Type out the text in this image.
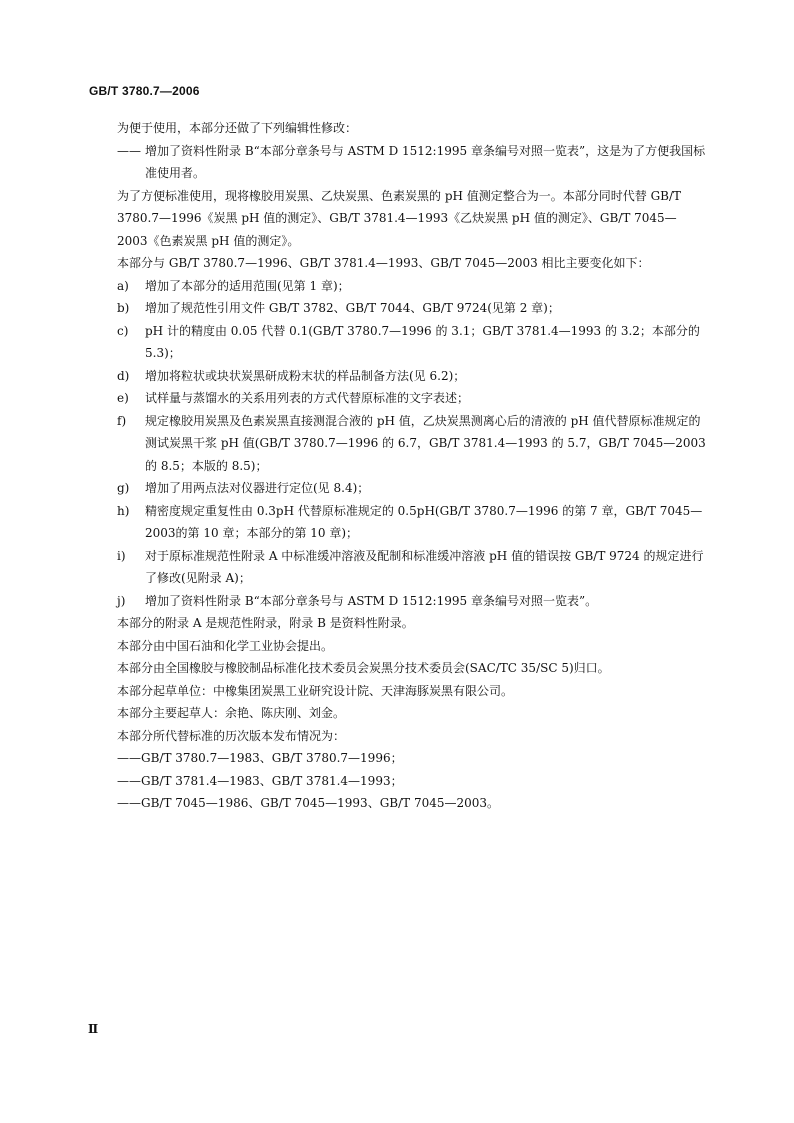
GB/T 3780.7—2006

为便于使用，本部分还做了下列编辑性修改：

—— 增加了资料性附录 B“本部分章条号与 ASTM D 1512:1995 章条编号对照一览表”，这是为了方便我国标准使用者。

为了方便标准使用，现将橡胶用炭黑、乙炔炭黑、色素炭黑的 pH 值测定整合为一。本部分同时代替 GB/T 3780.7—1996《炭黑 pH 值的测定》、GB/T 3781.4—1993《乙炔炭黑 pH 值的测定》、GB/T 7045—2003《色素炭黑 pH 值的测定》。

本部分与 GB/T 3780.7—1996、GB/T 3781.4—1993、GB/T 7045—2003 相比主要变化如下：

a)	增加了本部分的适用范围(见第 1 章)；
b)	增加了规范性引用文件 GB/T 3782、GB/T 7044、GB/T 9724(见第 2 章)；
c)	pH 计的精度由 0.05 代替 0.1(GB/T 3780.7—1996 的 3.1；GB/T 3781.4—1993 的 3.2；本部分的 5.3)；
d)	增加将粒状或块状炭黑研成粉末状的样品制备方法(见 6.2)；
e)	试样量与蒸馏水的关系用列表的方式代替原标准的文字表述；
f)	规定橡胶用炭黑及色素炭黑直接测混合液的 pH 值，乙炔炭黑测离心后的清液的 pH 值代替原标准规定的测试炭黑干浆 pH 值(GB/T 3780.7—1996 的 6.7，GB/T 3781.4—1993 的 5.7，GB/T 7045—2003 的 8.5；本版的 8.5)；
g)	增加了用两点法对仪器进行定位(见 8.4)；
h)	精密度规定重复性由 0.3pH 代替原标准规定的 0.5pH(GB/T 3780.7—1996 的第 7 章，GB/T 7045—2003的第 10 章；本部分的第 10 章)；
i)	对于原标准规范性附录 A 中标准缓冲溶液及配制和标准缓冲溶液 pH 值的错误按 GB/T 9724 的规定进行了修改(见附录 A)；
j)	增加了资料性附录 B“本部分章条号与 ASTM D 1512:1995 章条编号对照一览表”。

本部分的附录 A 是规范性附录，附录 B 是资料性附录。

本部分由中国石油和化学工业协会提出。

本部分由全国橡胶与橡胶制品标准化技术委员会炭黑分技术委员会(SAC/TC 35/SC 5)归口。

本部分起草单位：中橡集团炭黑工业研究设计院、天津海豚炭黑有限公司。

本部分主要起草人：余艳、陈庆刚、刘金。

本部分所代替标准的历次版本发布情况为：

——GB/T 3780.7—1983、GB/T 3780.7—1996；

——GB/T 3781.4—1983、GB/T 3781.4—1993；

——GB/T 7045—1986、GB/T 7045—1993、GB/T 7045—2003。

Ⅱ
